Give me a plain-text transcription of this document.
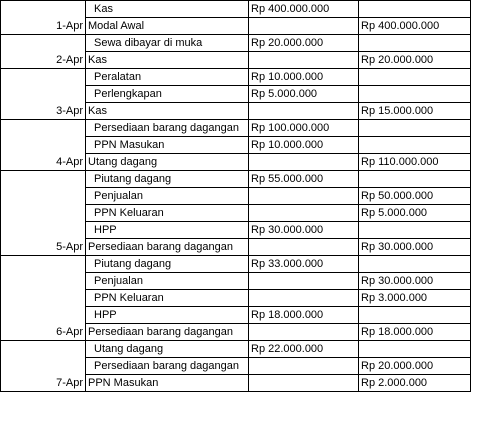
1-Apr	Kas	Rp 400.000.000	
	Modal Awal		Rp 400.000.000
2-Apr	Sewa dibayar di muka	Rp 20.000.000	
	Kas		Rp 20.000.000
3-Apr	Peralatan	Rp 10.000.000	
	Perlengkapan	Rp 5.000.000	
	Kas		Rp 15.000.000
4-Apr	Persediaan barang dagangan	Rp 100.000.000	
	PPN Masukan	Rp 10.000.000	
	Utang dagang		Rp 110.000.000
5-Apr	Piutang dagang	Rp 55.000.000	
	Penjualan		Rp 50.000.000
	PPN Keluaran		Rp 5.000.000
	HPP	Rp 30.000.000	
	Persediaan barang dagangan		Rp 30.000.000
6-Apr	Piutang dagang	Rp 33.000.000	
	Penjualan		Rp 30.000.000
	PPN Keluaran		Rp 3.000.000
	HPP	Rp 18.000.000	
	Persediaan barang dagangan		Rp 18.000.000
7-Apr	Utang dagang	Rp 22.000.000	
	Persediaan barang dagangan		Rp 20.000.000
	PPN Masukan		Rp 2.000.000
